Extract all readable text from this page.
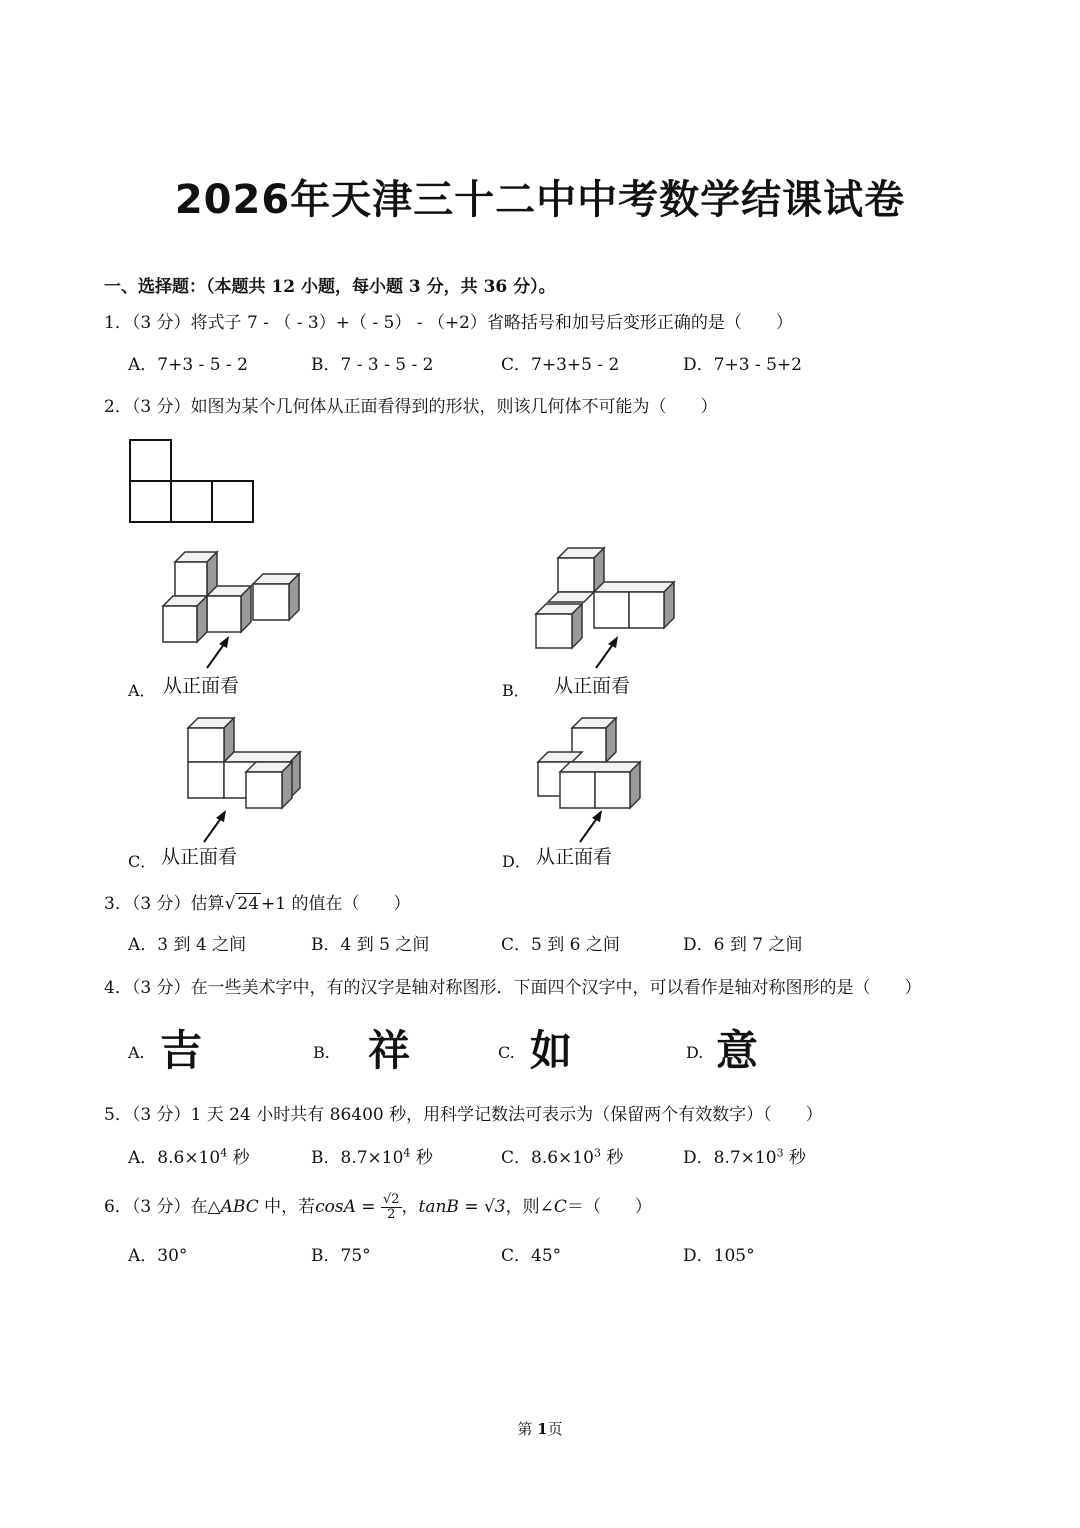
2026年天津三十二中中考数学结课试卷
一、选择题：（本题共 12 小题，每小题 3 分，共 36 分）。
1．（3 分）将式子 7 - （ - 3）+（ - 5） - （+2）省略括号和加号后变形正确的是（　　）
A．7+3 - 5 - 2	B．7 - 3 - 5 - 2	C．7+3+5 - 2	D．7+3 - 5+2
2．（3 分）如图为某个几何体从正面看得到的形状，则该几何体不可能为（　　）
A． 从正面看	B． 从正面看
C． 从正面看	D． 从正面看
3．（3 分）估算√ 24 +1 的值在（　　）
A．3 到 4 之间	B．4 到 5 之间	C．5 到 6 之间	D．6 到 7 之间
4．（3 分）在一些美术字中，有的汉字是轴对称图形．下面四个汉字中，可以看作是轴对称图形的是（　　）
A. 吉	B. 祥	C. 如	D. 意
5．（3 分）1 天 24 小时共有 86400 秒，用科学记数法可表示为（保留两个有效数字）（　　）
A．$8.6\times 10^4$ 秒	B．$8.7\times 10^4$ 秒	C．$8.6\times 10^3$ 秒	D．$8.7\times 10^3$ 秒
6．（3 分）在△ABC 中，若$\cos A = \frac{√2}{2}$ ，tanB = √3，则∠C＝（　　）
A．30°	B．75°	C．45°	D．105°
第 1页
